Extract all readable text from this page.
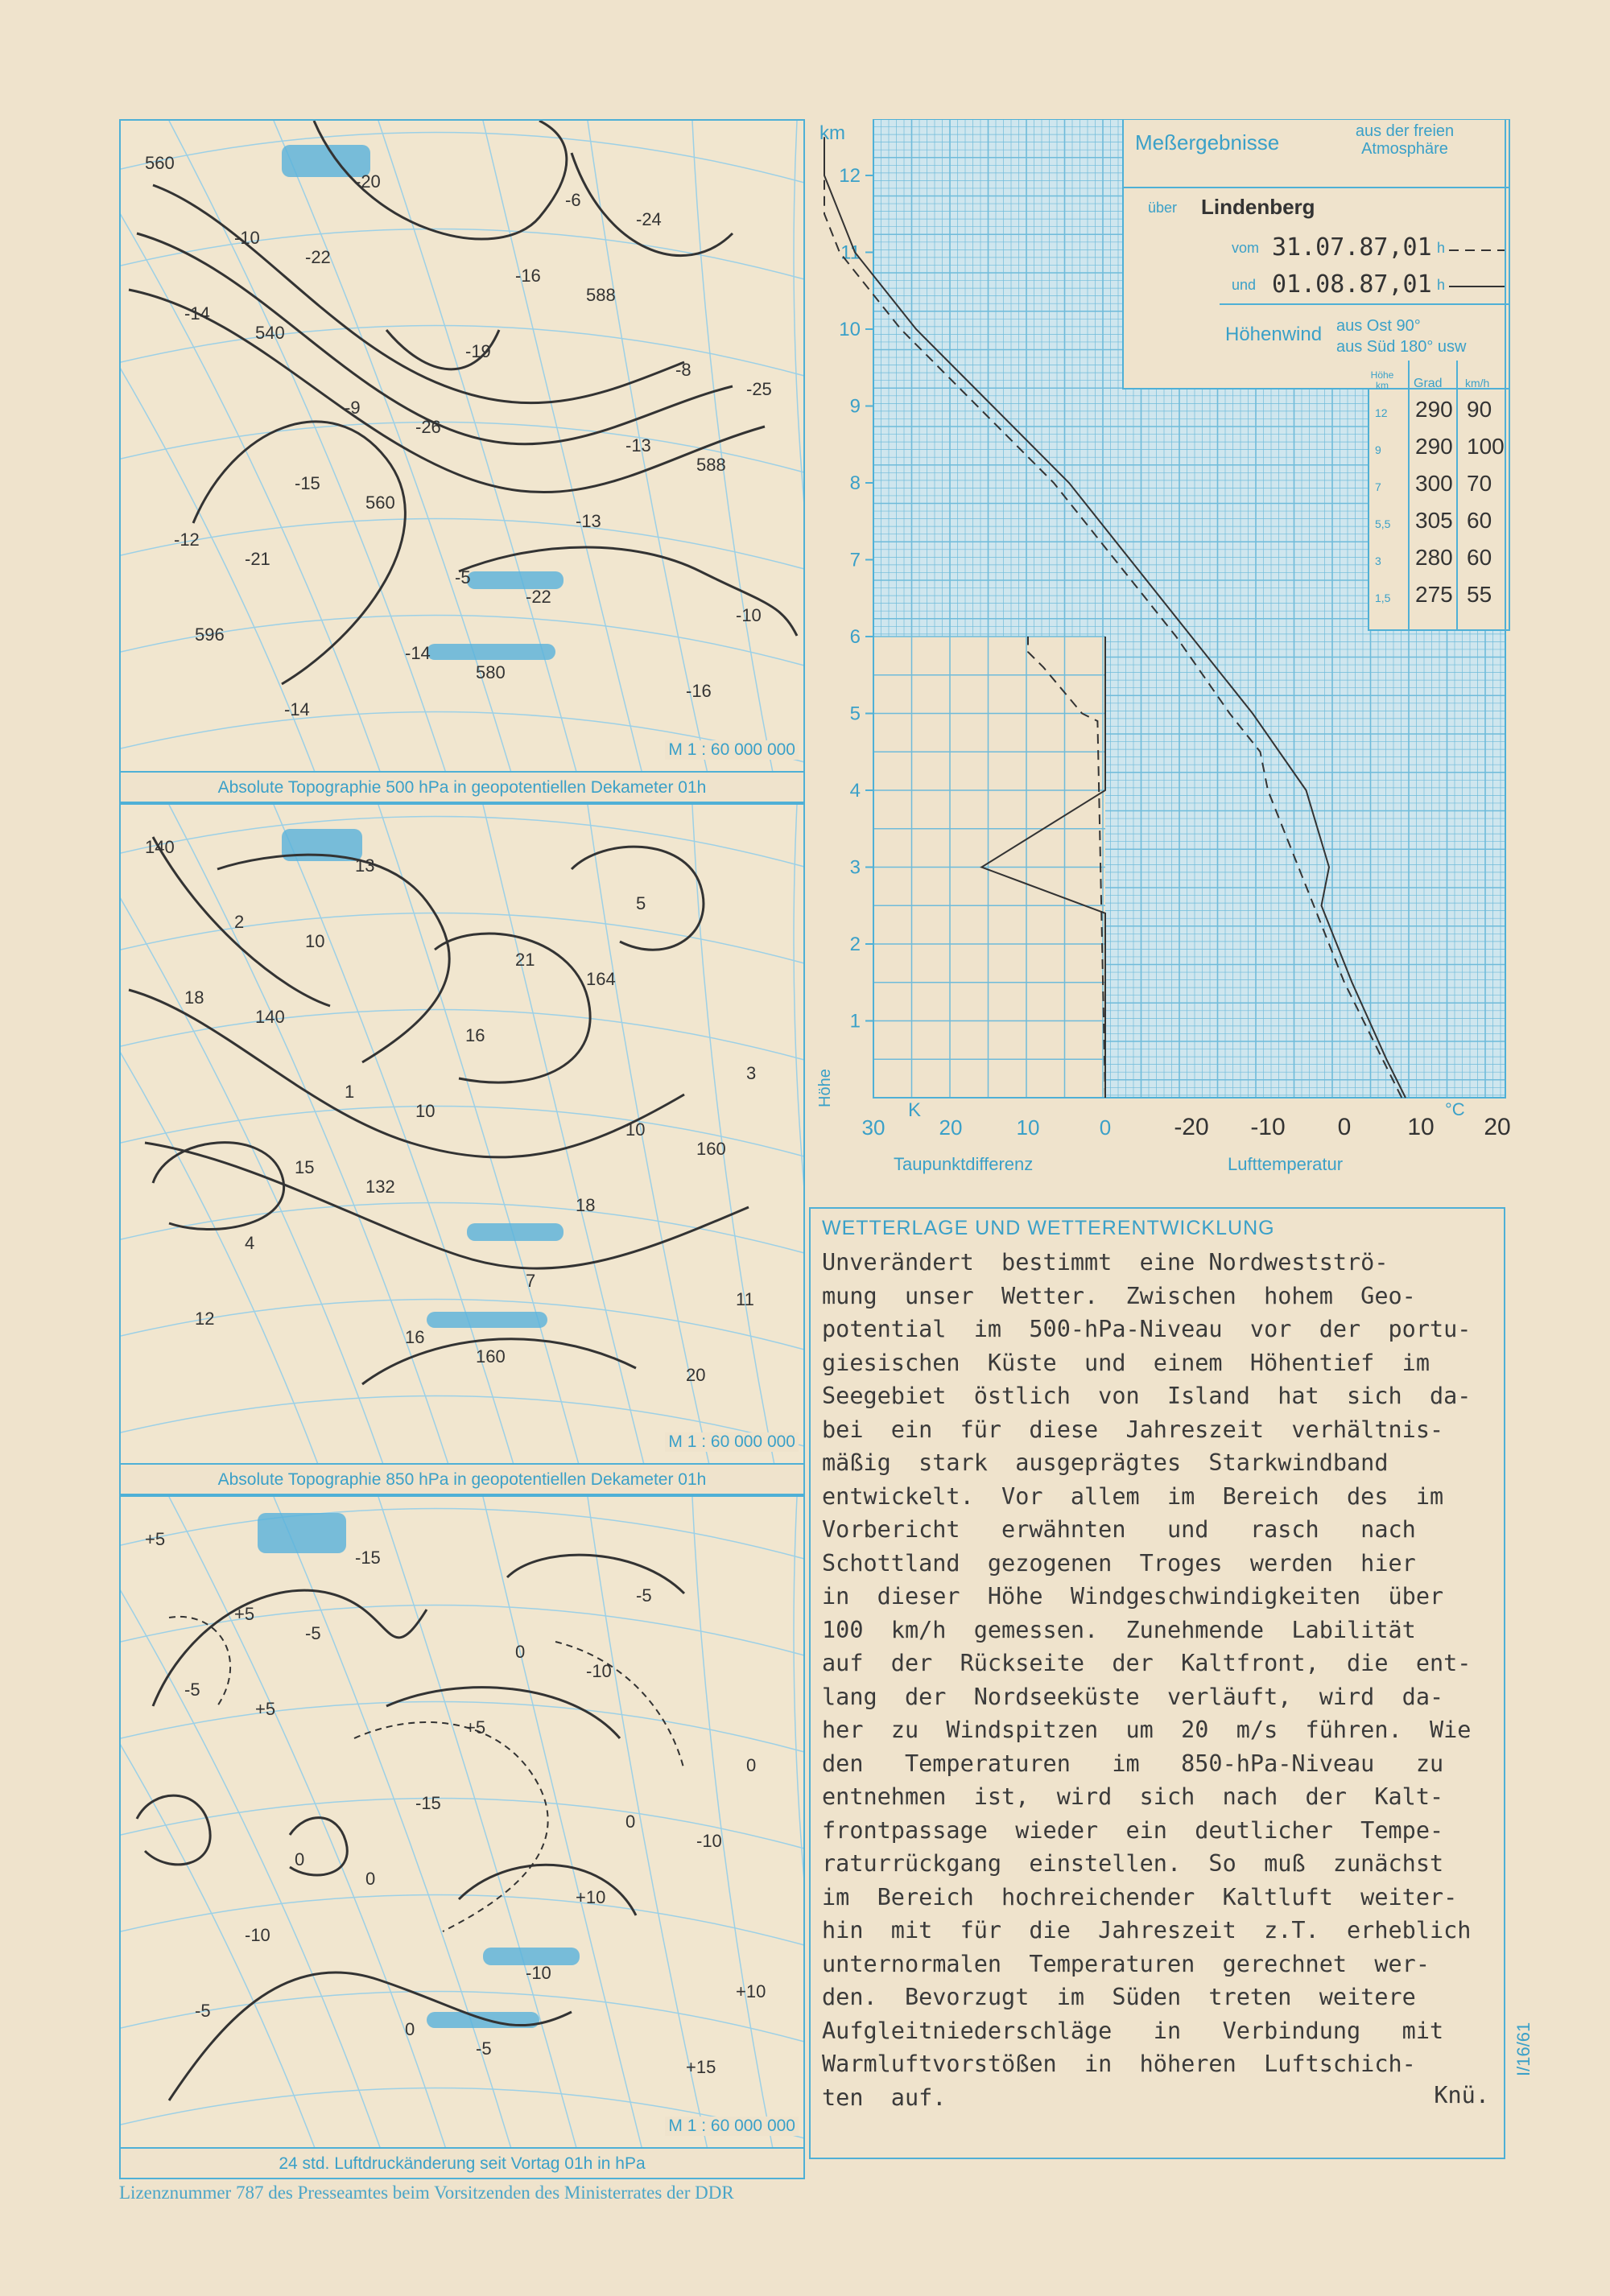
560
540
560
580
588
588
596
-22
-26
-22
-24
-25
-21
-20
-19
-13
-16
-14
-15
-14
-16
-13
-10
-10
-9
-5
-6
-8
-12
-14
M 1 : 60 000 000
Absolute Topographie 500 hPa in geopotentiellen Dekameter 01h
140
140
132
160
164
160
12
10
10
7
5
3
4
13
16
18
20
18
15
16
21
10
11
2
1
M 1 : 60 000 000
Absolute Topographie 850 hPa in geopotentiellen Dekameter 01h
+5
+5
0
-5
-10
-10
-5
-5
-15
-10
-5
0
-10
-15
+5
+10
+15
-5
0
0
0
0
+10
+5
M 1 : 60 000 000
24 std. Luftdruckänderung seit Vortag 01h in hPa
12
11
10
9
8
7
6
5
4
3
2
1
30	20	10	0	-20 -10 0 10 20
Meßergebnisse	aus der freien Atmosphäre
über Lindenberg
vom 31.07.87,01 h
und 01.08.87,01 h
Höhenwind aus Ost 90°
aus Süd 180° usw
Höhe km	Grad km/h
km
Höhe
Taupunktdifferenz	Lufttemperatur
K	°C
12 290 90
9 290 100
7 300 70
5,5 305 60
3 280 60
1,5 275 55
WETTERLAGE UND WETTERENTWICKLUNG
Unverändert  bestimmt  eine Nordwestströ-
mung  unser  Wetter.  Zwischen  hohem  Geo-
potential  im  500-hPa-Niveau  vor  der  portu-
giesischen  Küste  und  einem  Höhentief  im
Seegebiet  östlich  von  Island  hat  sich  da-
bei  ein  für  diese  Jahreszeit  verhältnis-
mäßig  stark  ausgeprägtes  Starkwindband
entwickelt.  Vor  allem  im  Bereich  des  im
Vorbericht   erwähnten   und   rasch   nach
Schottland  gezogenen  Troges  werden  hier
in  dieser  Höhe  Windgeschwindigkeiten  über
100  km/h  gemessen.  Zunehmende  Labilität
auf  der  Rückseite  der  Kaltfront,  die  ent-
lang  der  Nordseeküste  verläuft,  wird  da-
her  zu  Windspitzen  um  20  m/s  führen.  Wie
den   Temperaturen   im   850-hPa-Niveau   zu
entnehmen  ist,  wird  sich  nach  der  Kalt-
frontpassage  wieder  ein  deutlicher  Tempe-
raturrückgang  einstellen.  So  muß  zunächst
im  Bereich  hochreichender  Kaltluft  weiter-
hin  mit  für  die  Jahreszeit  z.T.  erheblich
unternormalen  Temperaturen  gerechnet  wer-
den.  Bevorzugt  im  Süden  treten  weitere
Aufgleitniederschläge   in   Verbindung   mit
Warmluftvorstößen  in  höheren  Luftschich-
ten  auf.	Knü.
I/16/61
Lizenznummer 787 des Presseamtes beim Vorsitzenden des Ministerrates der DDR
